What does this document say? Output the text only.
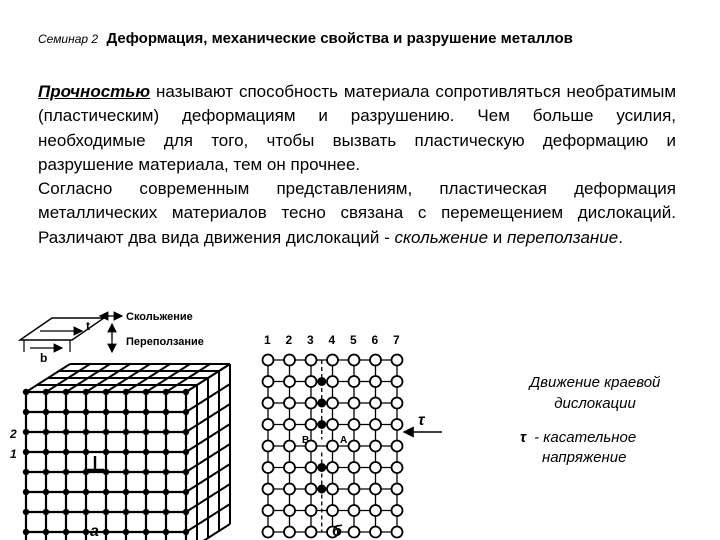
Семинар 2 Деформация, механические свойства и разрушение металлов

Прочностью называют способность материала сопротивляться необратимым (пластическим) деформациям и разрушению. Чем больше усилия, необходимые для того, чтобы вызвать пластическую деформацию и разрушение материала, тем он прочнее.

Согласно современным представлениям, пластическая деформация металлических материалов тесно связана с перемещением дислокаций. Различают два вида движения дислокаций - скольжение и переползание.

t
b
Скольжение
Переползание
2
1
а
1 2 3 4 5 6 7
В	А
τ
б
Движение краевой дислокации
τ - касательное
напряжение
